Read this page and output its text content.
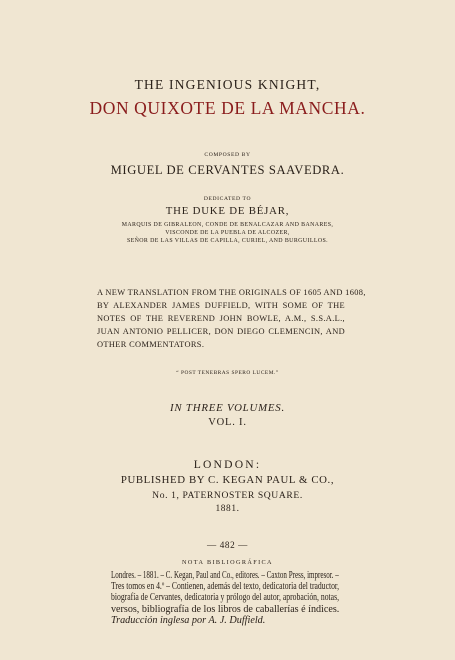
THE INGENIOUS KNIGHT,
DON QUIXOTE DE LA MANCHA.
COMPOSED BY
MIGUEL DE CERVANTES SAAVEDRA.
DEDICATED TO
THE DUKE DE BÉJAR,
MARQUIS DE GIBRALEON, CONDE DE BENALCAZAR AND BANARES,
VISCONDE DE LA PUEBLA DE ALCOZER,
SEÑOR DE LAS VILLAS DE CAPILLA, CURIEL, AND BURGUILLOS.
A NEW TRANSLATION FROM THE ORIGINALS OF 1605 AND 1608,
BY ALEXANDER JAMES DUFFIELD, WITH SOME OF THE
NOTES OF THE REVEREND JOHN BOWLE, A.M., S.S.A.L.,
JUAN ANTONIO PELLICER, DON DIEGO CLEMENCIN, AND
OTHER COMMENTATORS.
“ POST TENEBRAS SPERO LUCEM.”
IN THREE VOLUMES.
VOL. I.
LONDON:
PUBLISHED BY C. KEGAN PAUL & CO.,
No. 1, PATERNOSTER SQUARE.
1881.
— 482 —
NOTA BIBLIOGRÁFICA
Londres. – 1881. – C. Kegan, Paul and Co., editores. – Caxton Press, impresor. –
Tres tomos en 4.º – Contienen, además del texto, dedicatoria del traductor,
biografía de Cervantes, dedicatoria y prólogo del autor, aprobación, notas,
versos, bibliografía de los libros de caballerías é índices.
Traducción inglesa por A. J. Duffield.
